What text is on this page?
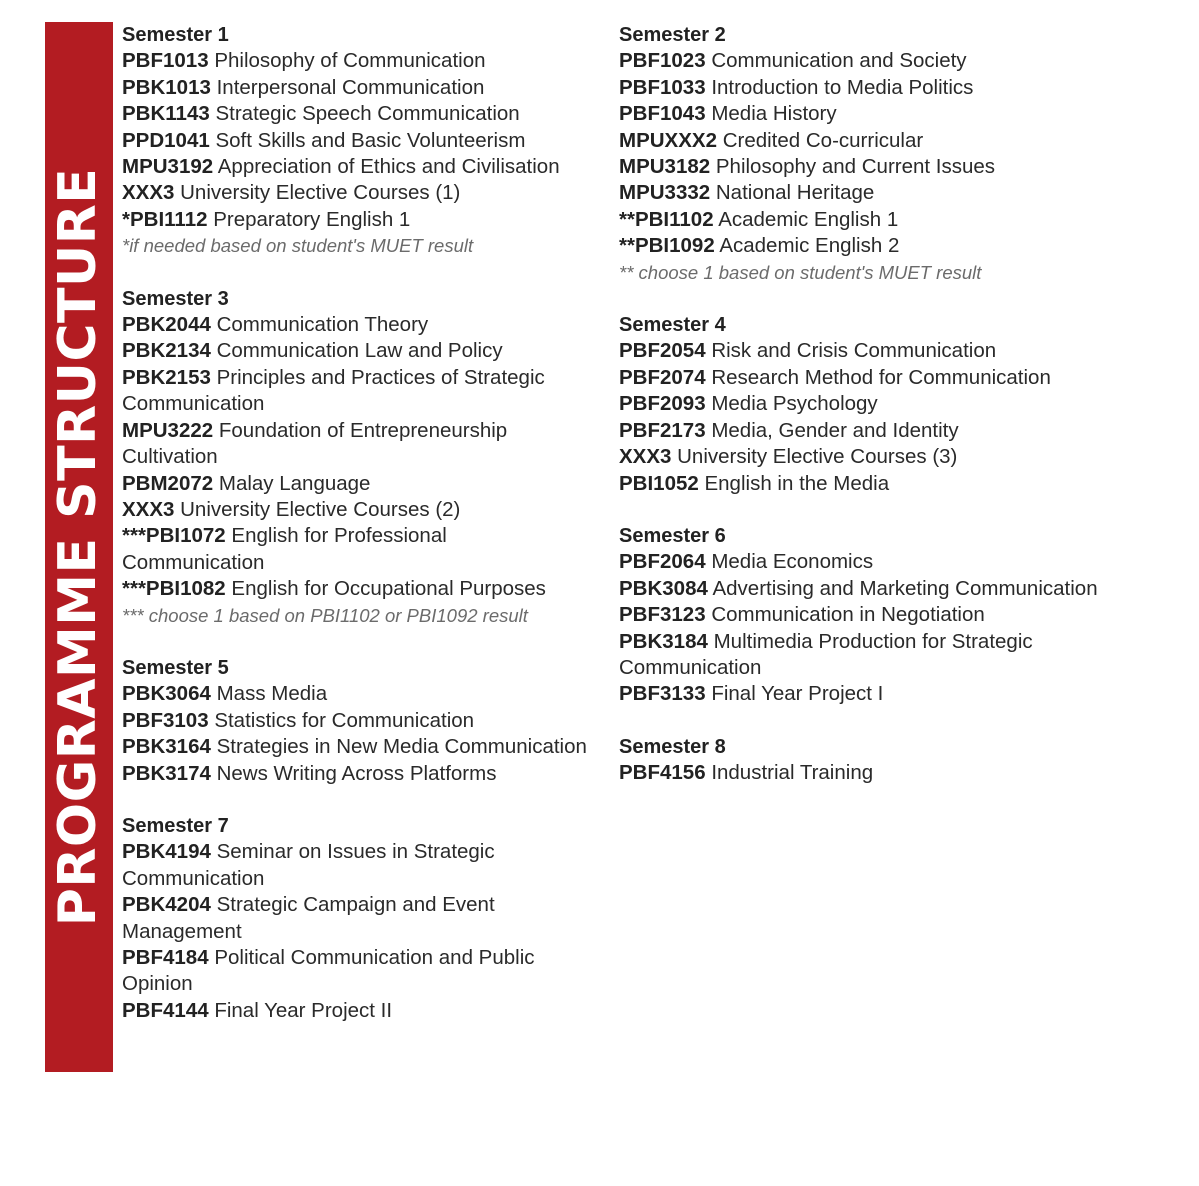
PROGRAMME STRUCTURE
Semester 1
PBF1013 Philosophy of Communication
PBK1013 Interpersonal Communication
PBK1143 Strategic Speech Communication
PPD1041 Soft Skills and Basic Volunteerism
MPU3192 Appreciation of Ethics and Civilisation
XXX3 University Elective Courses (1)
*PBI1112 Preparatory English 1
*if needed based on student's MUET result
Semester 3
PBK2044 Communication Theory
PBK2134 Communication Law and Policy
PBK2153 Principles and Practices of Strategic Communication
MPU3222 Foundation of Entrepreneurship Cultivation
PBM2072 Malay Language
XXX3 University Elective Courses (2)
***PBI1072 English for Professional Communication
***PBI1082 English for Occupational Purposes
*** choose 1 based on PBI1102 or PBI1092 result
Semester 5
PBK3064 Mass Media
PBF3103 Statistics for Communication
PBK3164 Strategies in New Media Communication
PBK3174 News Writing Across Platforms
Semester 7
PBK4194 Seminar on Issues in Strategic Communication
PBK4204 Strategic Campaign and Event Management
PBF4184 Political Communication and Public Opinion
PBF4144 Final Year Project II
Semester 2
PBF1023 Communication and Society
PBF1033 Introduction to Media Politics
PBF1043 Media History
MPUXXX2 Credited Co-curricular
MPU3182 Philosophy and Current Issues
MPU3332 National Heritage
**PBI1102 Academic English 1
**PBI1092 Academic English 2
** choose 1 based on student's MUET result
Semester 4
PBF2054 Risk and Crisis Communication
PBF2074 Research Method for Communication
PBF2093 Media Psychology
PBF2173 Media, Gender and Identity
XXX3 University Elective Courses (3)
PBI1052 English in the Media
Semester 6
PBF2064 Media Economics
PBK3084 Advertising and Marketing Communication
PBF3123 Communication in Negotiation
PBK3184 Multimedia Production for Strategic Communication
PBF3133 Final Year Project I
Semester 8
PBF4156 Industrial Training
